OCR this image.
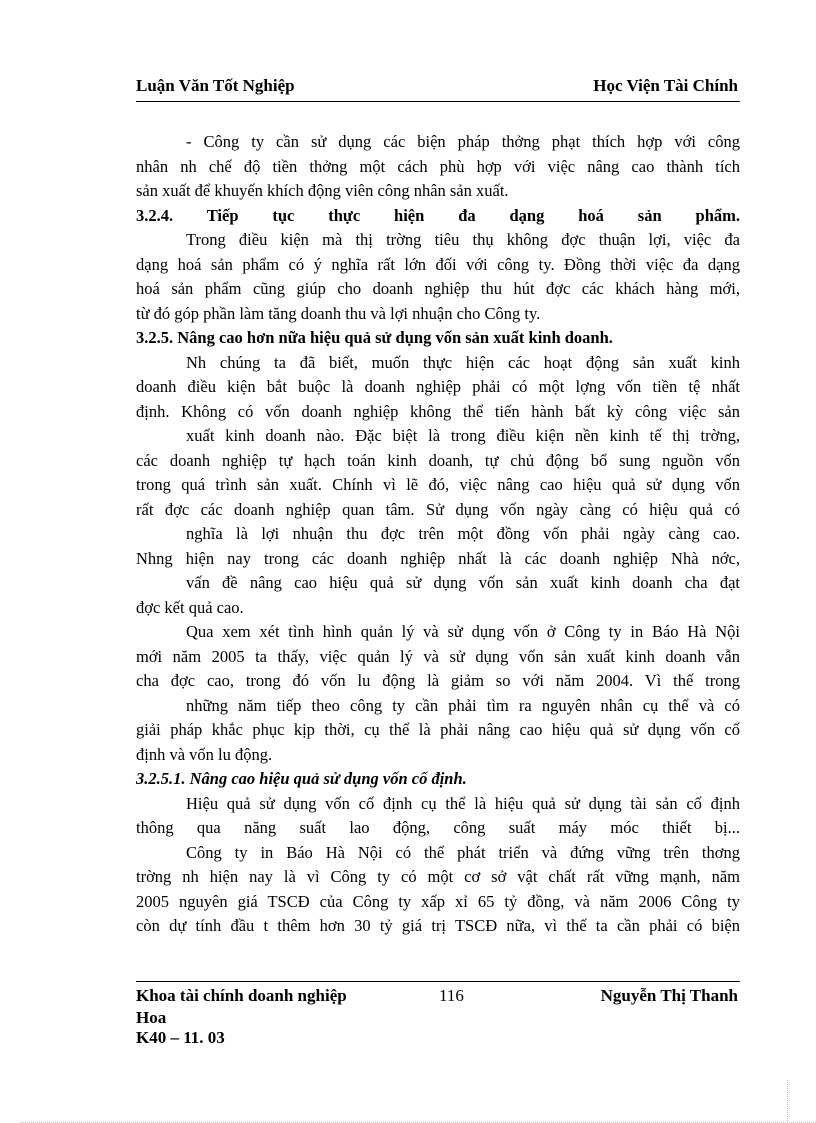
Luận Văn Tốt Nghiệp	Học Viện Tài Chính
- Công ty cần sử dụng các biện pháp thởng phạt thích hợp với công
nhân nh chế độ tiền thởng một cách phù hợp với việc nâng cao thành tích
sản xuất để khuyến khích động viên công nhân sản xuất.
3.2.4. Tiếp tục thực hiện đa dạng hoá sản phẩm.
Trong điều kiện mà thị trờng tiêu thụ không đợc thuận lợi, việc đa
dạng hoá sản phẩm có ý nghĩa rất lớn đối với công ty. Đồng thời việc đa dạng
hoá sản phẩm cũng giúp cho doanh nghiệp thu hút đợc các khách hàng mới,
từ đó góp phần làm tăng doanh thu và lợi nhuận cho Công ty.
3.2.5. Nâng cao hơn nữa hiệu quả sử dụng vốn sản xuất kinh doanh.
Nh chúng ta đã biết, muốn thực hiện các hoạt động sản xuất kinh
doanh điều kiện bắt buộc là doanh nghiệp phải có một lợng vốn tiền tệ nhất
định. Không có vốn doanh nghiệp không thể tiến hành bất kỳ công việc sản
xuất kinh doanh nào. Đặc biệt là trong điều kiện nền kinh tế thị trờng,
các doanh nghiệp tự hạch toán kinh doanh, tự chủ động bổ sung nguồn vốn
trong quá trình sản xuất. Chính vì lẽ đó, việc nâng cao hiệu quả sử dụng vốn
rất đợc các doanh nghiệp quan tâm. Sử dụng vốn ngày càng có hiệu quả có
nghĩa là lợi nhuận thu đợc trên một đồng vốn phải ngày càng cao.
Nhng hiện nay trong các doanh nghiệp nhất là các doanh nghiệp Nhà nớc,
vấn đề nâng cao hiệu quả sử dụng vốn sản xuất kinh doanh cha đạt
đợc kết quả cao.
Qua xem xét tình hình quản lý và sử dụng vốn ở Công ty in Báo Hà Nội
mới năm 2005 ta thấy, việc quản lý và sử dụng vốn sản xuất kinh doanh vẫn
cha đợc cao, trong đó vốn lu động là giảm so với năm 2004. Vì thế trong
những năm tiếp theo công ty cần phải tìm ra nguyên nhân cụ thể và có
giải pháp khắc phục kịp thời, cụ thể là phải nâng cao hiệu quả sử dụng vốn cố
định và vốn lu động.
3.2.5.1. Nâng cao hiệu quả sử dụng vốn cố định.
Hiệu quả sử dụng vốn cố định cụ thể là hiệu quả sử dụng tài sản cố định
thông qua năng suất lao động, công suất máy móc thiết bị...
Công ty in Báo Hà Nội có thể phát triển và đứng vững trên thơng
trờng nh hiện nay là vì Công ty có một cơ sở vật chất rất vững mạnh, năm
2005 nguyên giá TSCĐ của Công ty xấp xỉ 65 tỷ đồng, và năm 2006 Công ty
còn dự tính đầu t thêm hơn 30 tỷ giá trị TSCĐ nữa, vì thế ta cần phải có biện
Khoa tài chính doanh nghiệp
Hoa
116	Nguyễn Thị Thanh
K40 – 11. 03
